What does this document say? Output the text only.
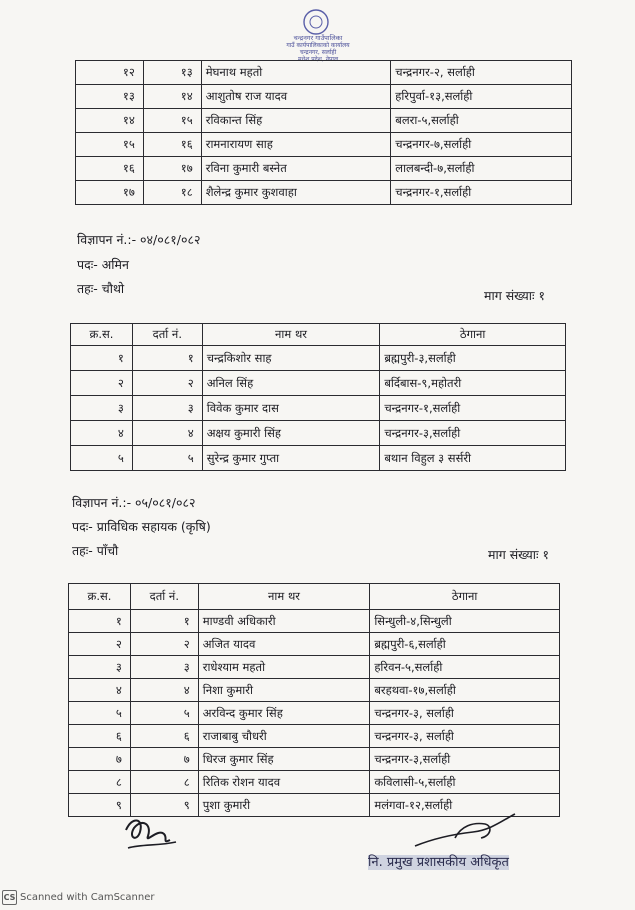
चन्द्रनगर गाउँपालिका
गाउँ कार्यपालिकाको कार्यालय
चन्द्रनगर, सर्लाही
मधेश प्रदेश, नेपाल
१२	१३	मेघनाथ महतो	चन्द्रनगर-२, सर्लाही
१३	१४	आशुतोष राज यादव	हरिपुर्वा-१३,सर्लाही
१४	१५	रविकान्त सिंह	बलरा-५,सर्लाही
१५	१६	रामनारायण साह	चन्द्रनगर-७,सर्लाही
१६	१७	रविना कुमारी बस्नेत	लालबन्दी-७,सर्लाही
१७	१८	शैलेन्द्र कुमार कुशवाहा	चन्द्रनगर-१,सर्लाही
विज्ञापन नं.:- ०४/०८१/०८२
पदः- अमिन
तहः- चौथो	माग संख्याः १
क्र.स.	दर्ता नं.	नाम थर	ठेगाना
१	१	चन्द्रकिशोर साह	ब्रह्मपुरी-३,सर्लाही
२	२	अनिल सिंह	बर्दिबास-९,महोतरी
३	३	विवेक कुमार दास	चन्द्रनगर-१,सर्लाही
४	४	अक्षय कुमारी सिंह	चन्द्रनगर-३,सर्लाही
५	५	सुरेन्द्र कुमार गुप्ता	बथान विहुल ३ सर्सरी
विज्ञापन नं.:- ०५/०८१/०८२
पदः- प्राविधिक सहायक (कृषि)
तहः- पाँचौ	माग संख्याः १
क्र.स.	दर्ता नं.	नाम थर	ठेगाना
१	१	माण्डवी अधिकारी	सिन्धुली-४,सिन्धुली
२	२	अजित यादव	ब्रह्मपुरी-६,सर्लाही
३	३	राधेश्याम महतो	हरिवन-५,सर्लाही
४	४	निशा कुमारी	बरहथवा-१७,सर्लाही
५	५	अरविन्द कुमार सिंह	चन्द्रनगर-३, सर्लाही
६	६	राजाबाबु चौधरी	चन्द्रनगर-३, सर्लाही
७	७	धिरज कुमार सिंह	चन्द्रनगर-३,सर्लाही
८	८	रितिक रोशन यादव	कविलासी-५,सर्लाही
९	९	पुशा कुमारी	मलंगवा-१२,सर्लाही
नि. प्रमुख प्रशासकीय अधिकृत
CS Scanned with CamScanner
